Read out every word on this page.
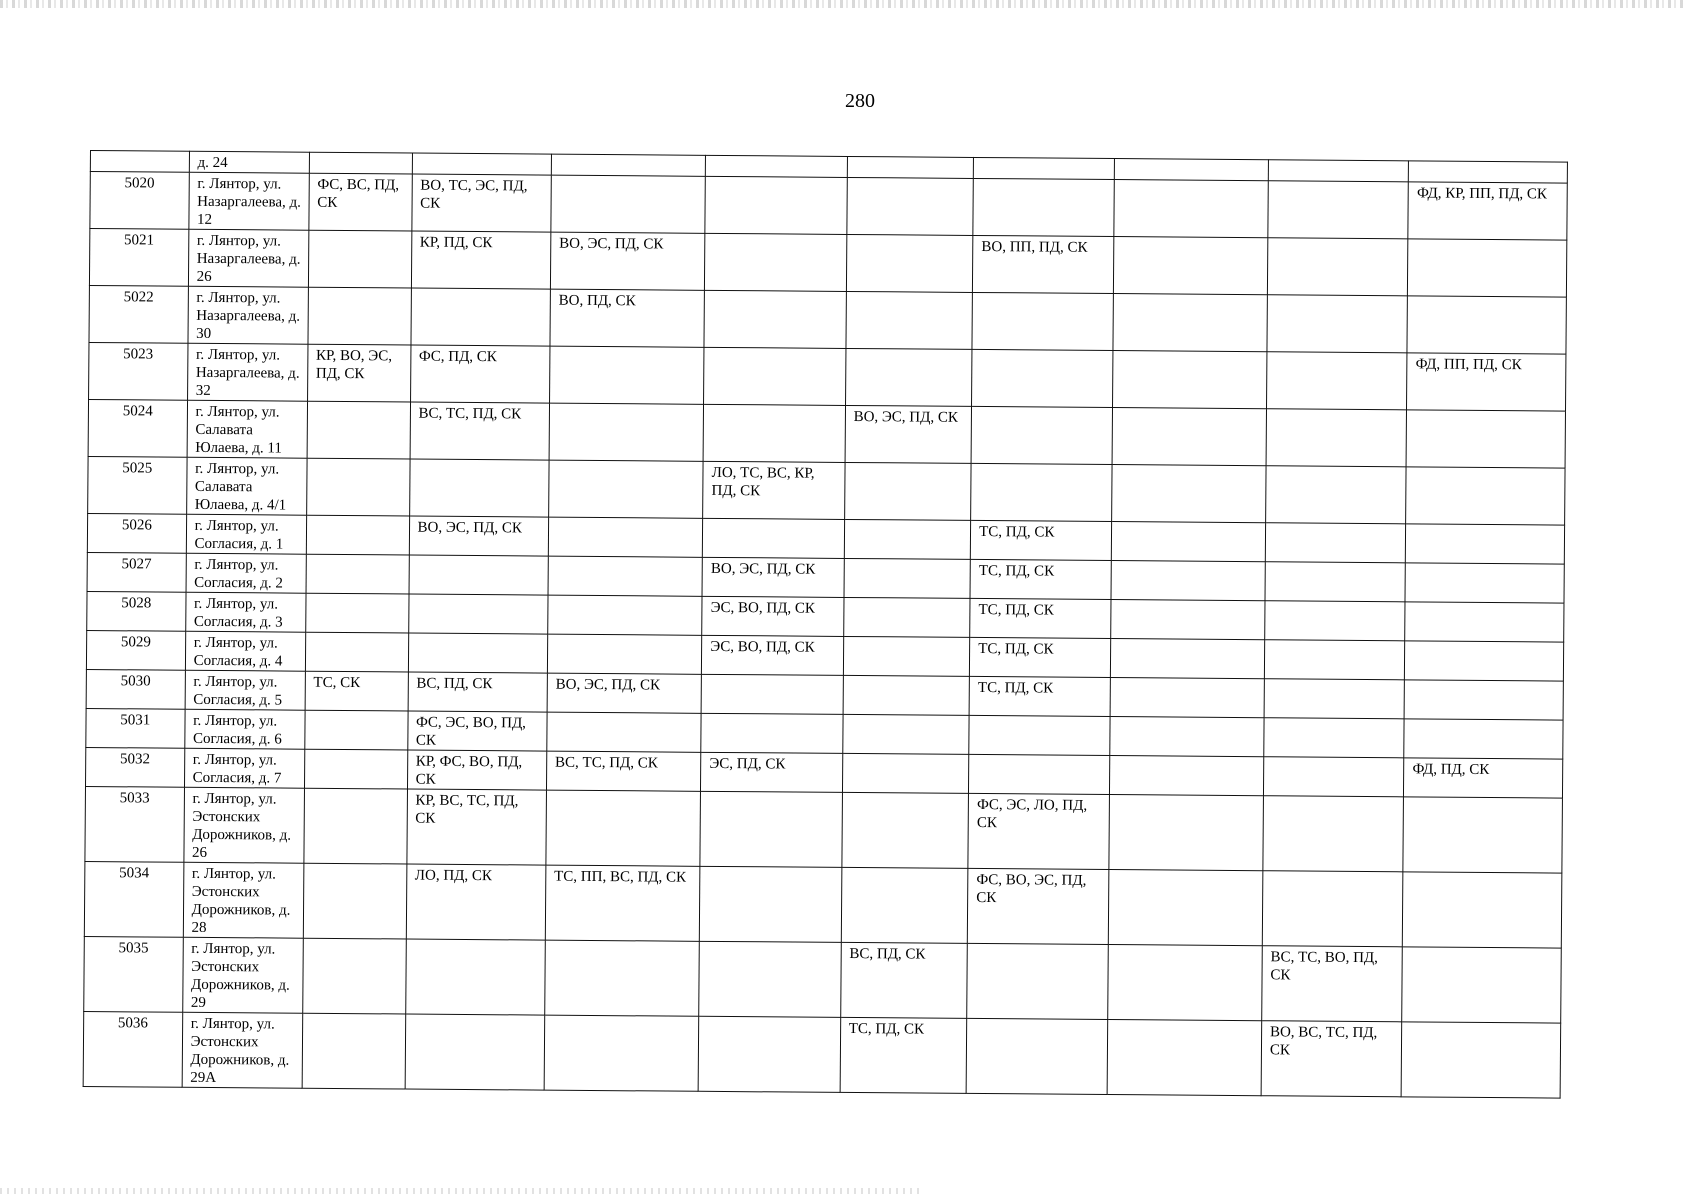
280
	д. 24									
5020	г. Лянтор, ул. Назаргалеева, д. 12	ФС, ВС, ПД, СК	ВО, ТС, ЭС, ПД, СК							ФД, КР, ПП, ПД, СК
5021	г. Лянтор, ул. Назаргалеева, д. 26		КР, ПД, СК	ВО, ЭС, ПД, СК			ВО, ПП, ПД, СК			
5022	г. Лянтор, ул. Назаргалеева, д. 30			ВО, ПД, СК						
5023	г. Лянтор, ул. Назаргалеева, д. 32	КР, ВО, ЭС, ПД, СК	ФС, ПД, СК							ФД, ПП, ПД, СК
5024	г. Лянтор, ул. Салавата Юлаева, д. 11		ВС, ТС, ПД, СК			ВО, ЭС, ПД, СК				
5025	г. Лянтор, ул. Салавата Юлаева, д. 4/1				ЛО, ТС, ВС, КР, ПД, СК					
5026	г. Лянтор, ул. Согласия, д. 1		ВО, ЭС, ПД, СК				ТС, ПД, СК			
5027	г. Лянтор, ул. Согласия, д. 2				ВО, ЭС, ПД, СК		ТС, ПД, СК			
5028	г. Лянтор, ул. Согласия, д. 3				ЭС, ВО, ПД, СК		ТС, ПД, СК			
5029	г. Лянтор, ул. Согласия, д. 4				ЭС, ВО, ПД, СК		ТС, ПД, СК			
5030	г. Лянтор, ул. Согласия, д. 5	ТС, СК	ВС, ПД, СК	ВО, ЭС, ПД, СК			ТС, ПД, СК			
5031	г. Лянтор, ул. Согласия, д. 6		ФС, ЭС, ВО, ПД, СК							
5032	г. Лянтор, ул. Согласия, д. 7		КР, ФС, ВО, ПД, СК	ВС, ТС, ПД, СК	ЭС, ПД, СК					ФД, ПД, СК
5033	г. Лянтор, ул. Эстонских Дорожников, д. 26		КР, ВС, ТС, ПД, СК				ФС, ЭС, ЛО, ПД, СК			
5034	г. Лянтор, ул. Эстонских Дорожников, д. 28		ЛО, ПД, СК	ТС, ПП, ВС, ПД, СК			ФС, ВО, ЭС, ПД, СК			
5035	г. Лянтор, ул. Эстонских Дорожников, д. 29					ВС, ПД, СК			ВС, ТС, ВО, ПД, СК	
5036	г. Лянтор, ул. Эстонских Дорожников, д. 29А					ТС, ПД, СК			ВО, ВС, ТС, ПД, СК	
